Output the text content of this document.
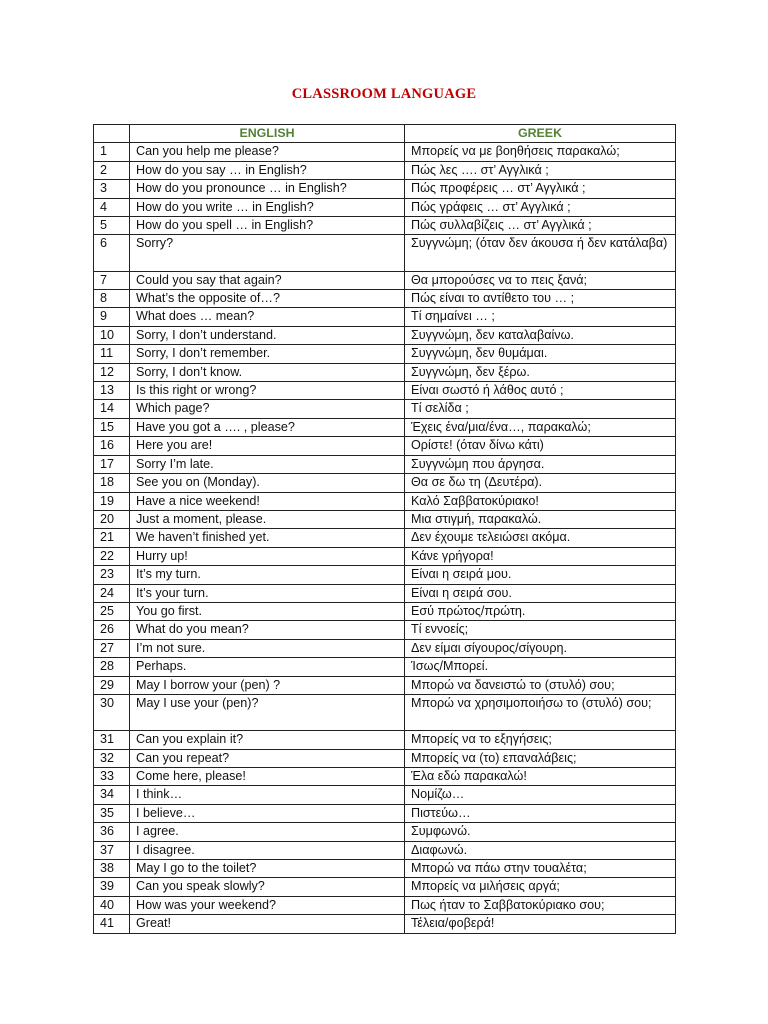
CLASSROOM LANGUAGE
	ENGLISH	GREEK
1	Can you help me please?	Μπορείς να με βοηθήσεις παρακαλώ;
2	How do you say … in English?	Πώς λες …. στ’ Αγγλικά ;
3	How do you pronounce … in English?	Πώς προφέρεις … στ’ Αγγλικά ;
4	How do you write … in English?	Πώς γράφεις … στ’ Αγγλικά ;
5	How do you spell … in English?	Πώς συλλαβίζεις … στ’ Αγγλικά ;
6	Sorry?	Συγγνώμη; (όταν δεν άκουσα ή δεν κατάλαβα)
7	Could you say that again?	Θα μπορούσες να το πεις ξανά;
8	What’s the opposite of…?	Πώς είναι το αντίθετο του … ;
9	What does … mean?	Τί σημαίνει … ;
10	Sorry, I don’t understand.	Συγγνώμη, δεν καταλαβαίνω.
11	Sorry, I don’t remember.	Συγγνώμη, δεν θυμάμαι.
12	Sorry, I don’t know.	Συγγνώμη, δεν ξέρω.
13	Is this right or wrong?	Είναι σωστό ή λάθος αυτό ;
14	Which page?	Τί σελίδα ;
15	Have you got a …. , please?	Έχεις ένα/μια/ένα…, παρακαλώ;
16	Here you are!	Ορίστε! (όταν δίνω κάτι)
17	Sorry I’m late.	Συγγνώμη που άργησα.
18	See you on (Monday).	Θα σε δω τη (Δευτέρα).
19	Have a nice weekend!	Καλό Σαββατοκύριακο!
20	Just a moment, please.	Μια στιγμή, παρακαλώ.
21	We haven’t finished yet.	Δεν έχουμε τελειώσει ακόμα.
22	Hurry up!	Κάνε γρήγορα!
23	It’s my turn.	Είναι η σειρά μου.
24	It’s your turn.	Είναι η σειρά σου.
25	You go first.	Εσύ πρώτος/πρώτη.
26	What do you mean?	Τί εννοείς;
27	I’m not sure.	Δεν είμαι σίγουρος/σίγουρη.
28	Perhaps.	Ίσως/Μπορεί.
29	May I borrow your (pen) ?	Μπορώ να δανειστώ το (στυλό) σου;
30	May I use your (pen)?	Μπορώ να χρησιμοποιήσω το (στυλό) σου;
31	Can you explain it?	Μπορείς να το εξηγήσεις;
32	Can you repeat?	Μπορείς να (το) επαναλάβεις;
33	Come here, please!	Έλα εδώ παρακαλώ!
34	I think…	Νομίζω…
35	I believe…	Πιστεύω…
36	I agree.	Συμφωνώ.
37	I disagree.	Διαφωνώ.
38	May I go to the toilet?	Μπορώ να πάω στην τουαλέτα;
39	Can you speak slowly?	Μπορείς να μιλήσεις αργά;
40	How was your weekend?	Πως ήταν το Σαββατοκύριακο σου;
41	Great!	Τέλεια/φοβερά!
